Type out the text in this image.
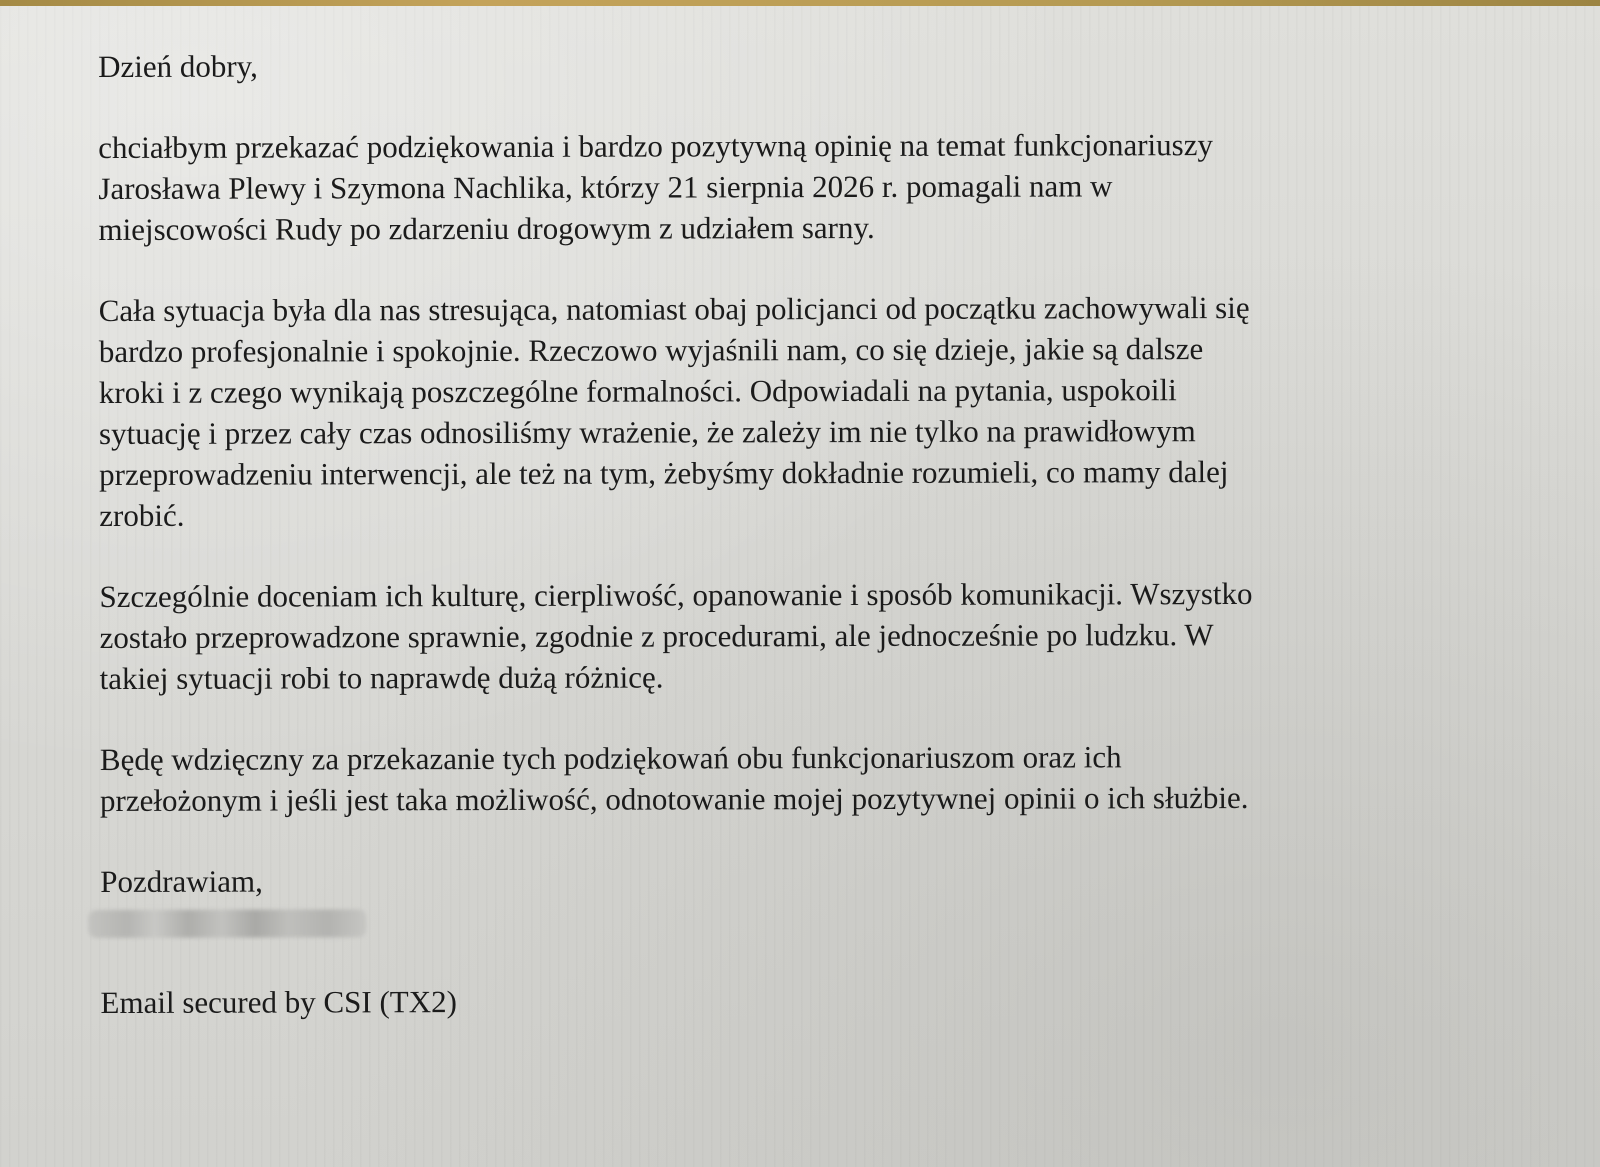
Dzień dobry,

chciałbym przekazać podziękowania i bardzo pozytywną opinię na temat funkcjonariuszy
Jarosława Plewy i Szymona Nachlika, którzy 21 sierpnia 2026 r. pomagali nam w
miejscowości Rudy po zdarzeniu drogowym z udziałem sarny.

Cała sytuacja była dla nas stresująca, natomiast obaj policjanci od początku zachowywali się
bardzo profesjonalnie i spokojnie. Rzeczowo wyjaśnili nam, co się dzieje, jakie są dalsze
kroki i z czego wynikają poszczególne formalności. Odpowiadali na pytania, uspokoili
sytuację i przez cały czas odnosiliśmy wrażenie, że zależy im nie tylko na prawidłowym
przeprowadzeniu interwencji, ale też na tym, żebyśmy dokładnie rozumieli, co mamy dalej
zrobić.

Szczególnie doceniam ich kulturę, cierpliwość, opanowanie i sposób komunikacji. Wszystko
zostało przeprowadzone sprawnie, zgodnie z procedurami, ale jednocześnie po ludzku. W
takiej sytuacji robi to naprawdę dużą różnicę.

Będę wdzięczny za przekazanie tych podziękowań obu funkcjonariuszom oraz ich
przełożonym i jeśli jest taka możliwość, odnotowanie mojej pozytywnej opinii o ich służbie.

Pozdrawiam,

Email secured by CSI (TX2)
